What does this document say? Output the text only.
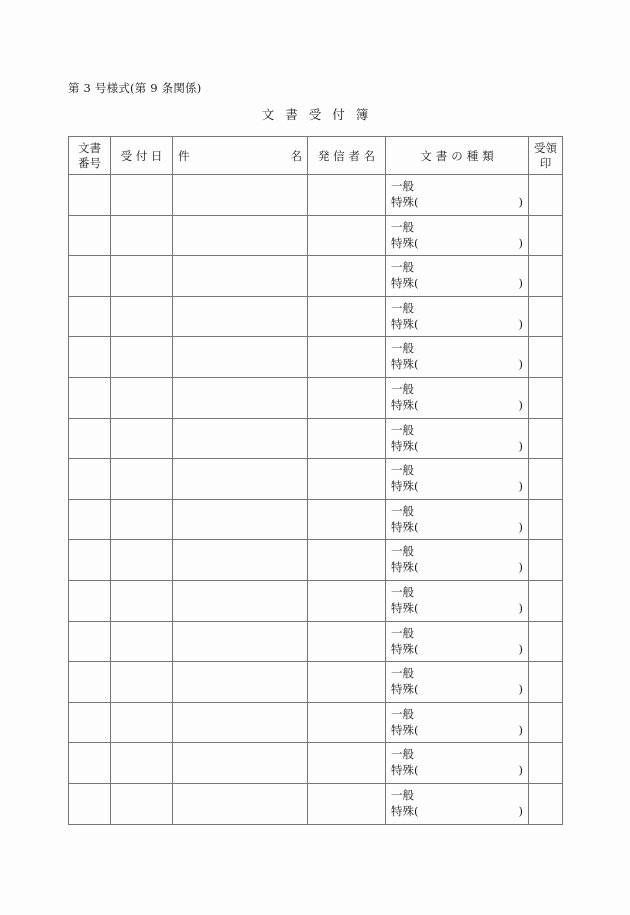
第 3 号様式(第 9 条関係)
文書受付簿
文書
番号	受 付 日	件 名	発 信 者 名	文書の種類	受領
印

				一般
特殊( )	

				一般
特殊( )	

				一般
特殊( )	

				一般
特殊( )	

				一般
特殊( )	

				一般
特殊( )	

				一般
特殊( )	

				一般
特殊( )	

				一般
特殊( )	

				一般
特殊( )	

				一般
特殊( )	

				一般
特殊( )	

				一般
特殊( )	

				一般
特殊( )	

				一般
特殊( )	

				一般
特殊( )	
